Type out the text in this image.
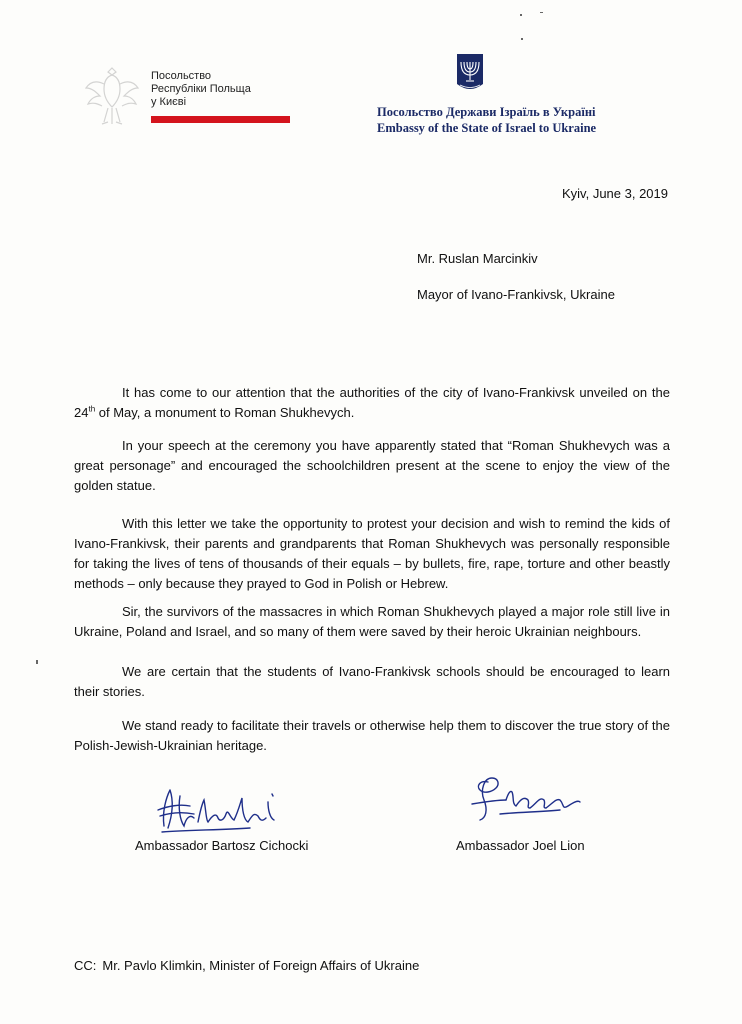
Посольство
Республіки Польща
у Києві
Посольство Держави Ізраїль в Україні
Embassy of the State of Israel to Ukraine
Kyiv, June 3, 2019
Mr. Ruslan Marcinkiv
Mayor of Ivano-Frankivsk, Ukraine

It has come to our attention that the authorities of the city of Ivano-Frankivsk unveiled on the 24th of May, a monument to Roman Shukhevych.

In your speech at the ceremony you have apparently stated that “Roman Shukhevych was a great personage” and encouraged the schoolchildren present at the scene to enjoy the view of the golden statue.

With this letter we take the opportunity to protest your decision and wish to remind the kids of Ivano-Frankivsk, their parents and grandparents that Roman Shukhevych was personally responsible for taking the lives of tens of thousands of their equals – by bullets, fire, rape, torture and other beastly methods – only because they prayed to God in Polish or Hebrew.

Sir, the survivors of the massacres in which Roman Shukhevych played a major role still live in Ukraine, Poland and Israel, and so many of them were saved by their heroic Ukrainian neighbours.

We are certain that the students of Ivano-Frankivsk schools should be encouraged to learn their stories.

We stand ready to facilitate their travels or otherwise help them to discover the true story of the Polish-Jewish-Ukrainian heritage.

Ambassador Bartosz Cichocki	Ambassador Joel Lion
CC: Mr. Pavlo Klimkin, Minister of Foreign Affairs of Ukraine
